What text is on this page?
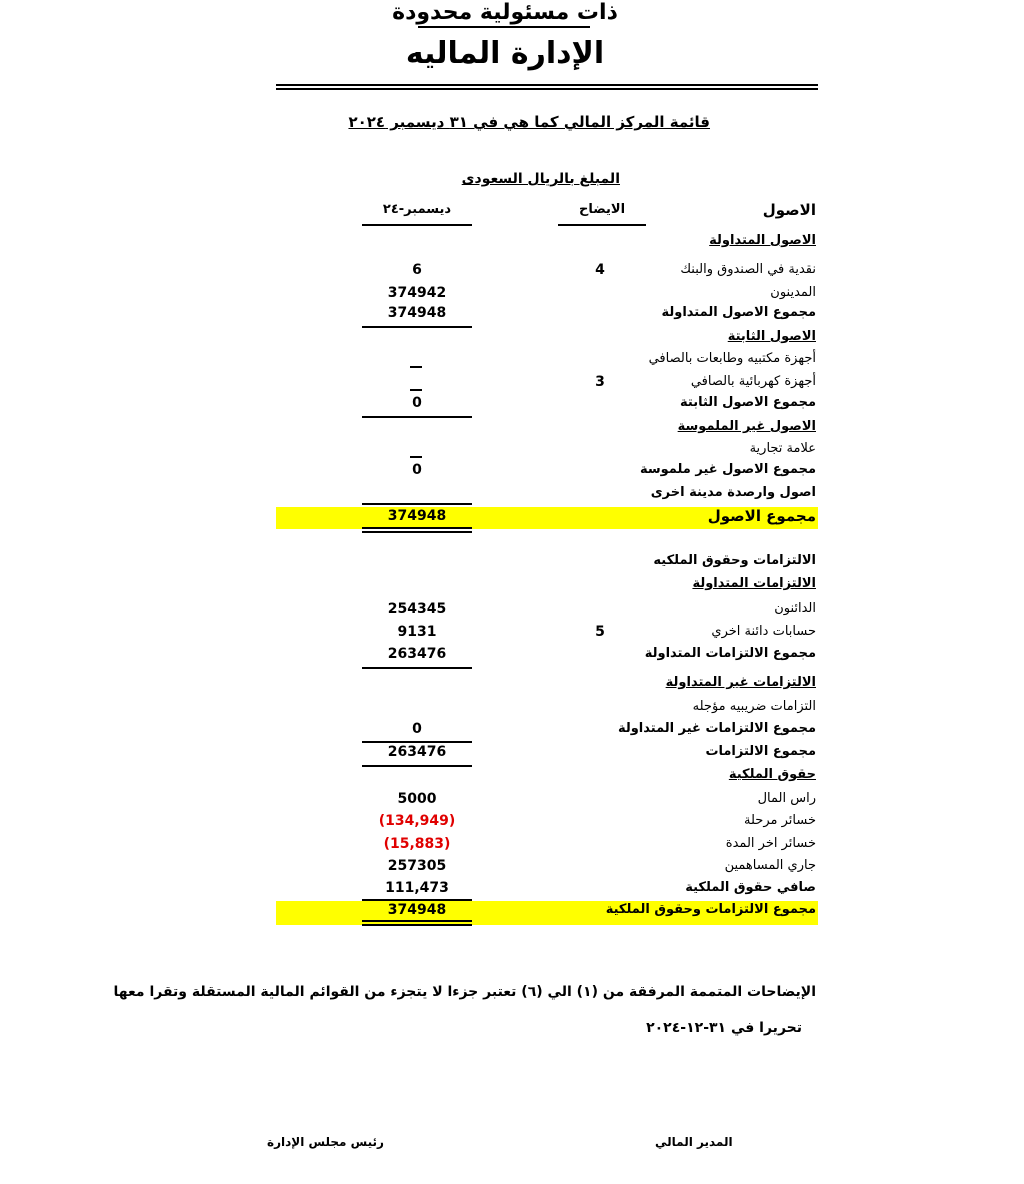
ذات مسئولية محدودة
الإدارة الماليه
قائمة المركز المالي كما هي في ٣١ ديسمبر ٢٠٢٤
المبلغ بالريال السعودى
الاصول
الايضاح
ديسمبر-٢٤
الاصول المتداولة
نقدية في الصندوق والبنك
4
6
المدينون
374942
مجموع الاصول المتداولة
374948
الاصول الثابتة
أجهزة مكتبيه وطابعات بالصافي
أجهزة كهربائية بالصافي
3
مجموع الاصول الثابتة
0
الاصول غير الملموسة
علامة تجارية
مجموع الاصول غير ملموسة
0
اصول وارصدة مدينة اخرى
مجموع الاصول
374948
الالتزامات وحقوق الملكيه
الالتزامات المتداولة
الدائنون
254345
حسابات دائنة اخري
5
9131
مجموع الالتزامات المتداولة
263476
الالتزامات غير المتداولة
التزامات ضريبيه مؤجله
مجموع الالتزامات غير المتداولة
0
مجموع الالتزامات
263476
حقوق الملكية
راس المال
5000
خسائر مرحلة
(134,949)
خسائر اخر المدة
(15,883)
جاري المساهمين
257305
صافي حقوق الملكية
111,473
مجموع الالتزامات وحقوق الملكية
374948
الإيضاحات المتممة المرفقة من (١) الي (٦) تعتبر جزءا لا يتجزء من القوائم المالية المستقلة وتقرا معها
تحريرا في ٣١-١٢-٢٠٢٤
المدير المالي
رئيس مجلس الإدارة
